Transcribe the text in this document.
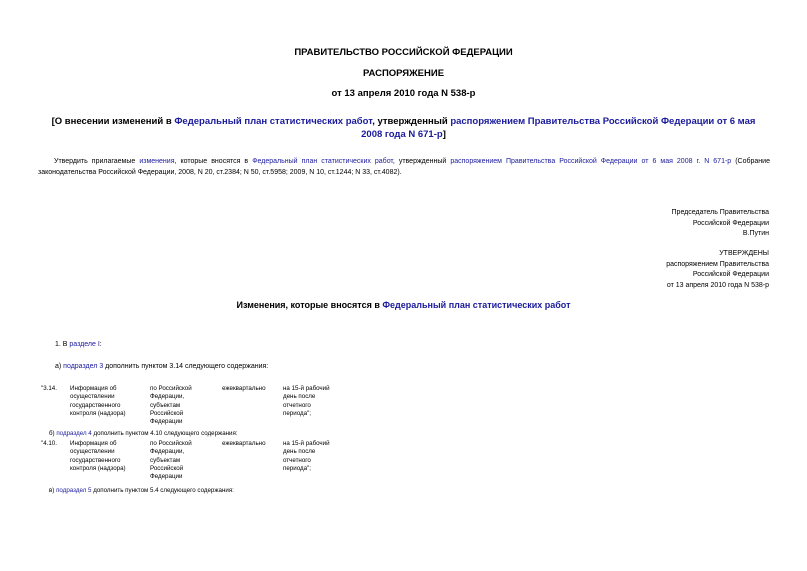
ПРАВИТЕЛЬСТВО РОССИЙСКОЙ ФЕДЕРАЦИИ
РАСПОРЯЖЕНИЕ
от 13 апреля 2010 года N 538-р
[О внесении изменений в Федеральный план статистических работ, утвержденный распоряжением Правительства Российской Федерации от 6 мая 2008 года N 671-р]
Утвердить прилагаемые изменения, которые вносятся в Федеральный план статистических работ, утвержденный распоряжением Правительства Российской Федерации от 6 мая 2008 г. N 671-р (Собрание законодательства Российской Федерации, 2008, N 20, ст.2384; N 50, ст.5958; 2009, N 10, ст.1244; N 33, ст.4082).
Председатель Правительства
Российской Федерации
В.Путин
УТВЕРЖДЕНЫ
распоряжением Правительства
Российской Федерации
от 13 апреля 2010 года N 538-р
Изменения, которые вносятся в Федеральный план статистических работ
1. В разделе I:
а) подраздел 3 дополнить пунктом 3.14 следующего содержания:
"3.14. Информация об
осуществлении
государственного
контроля (надзора)
по Российской
Федерации,
субъектам
Российской
Федерации
ежеквартально	на 15-й рабочий
день после
отчетного
периода";
б) подраздел 4 дополнить пунктом 4.10 следующего содержания:
"4.10. Информация об
осуществлении
государственного
контроля (надзора)
по Российской
Федерации,
субъектам
Российской
Федерации
ежеквартально	на 15-й рабочий
день после
отчетного
периода";
в) подраздел 5 дополнить пунктом 5.4 следующего содержания:
